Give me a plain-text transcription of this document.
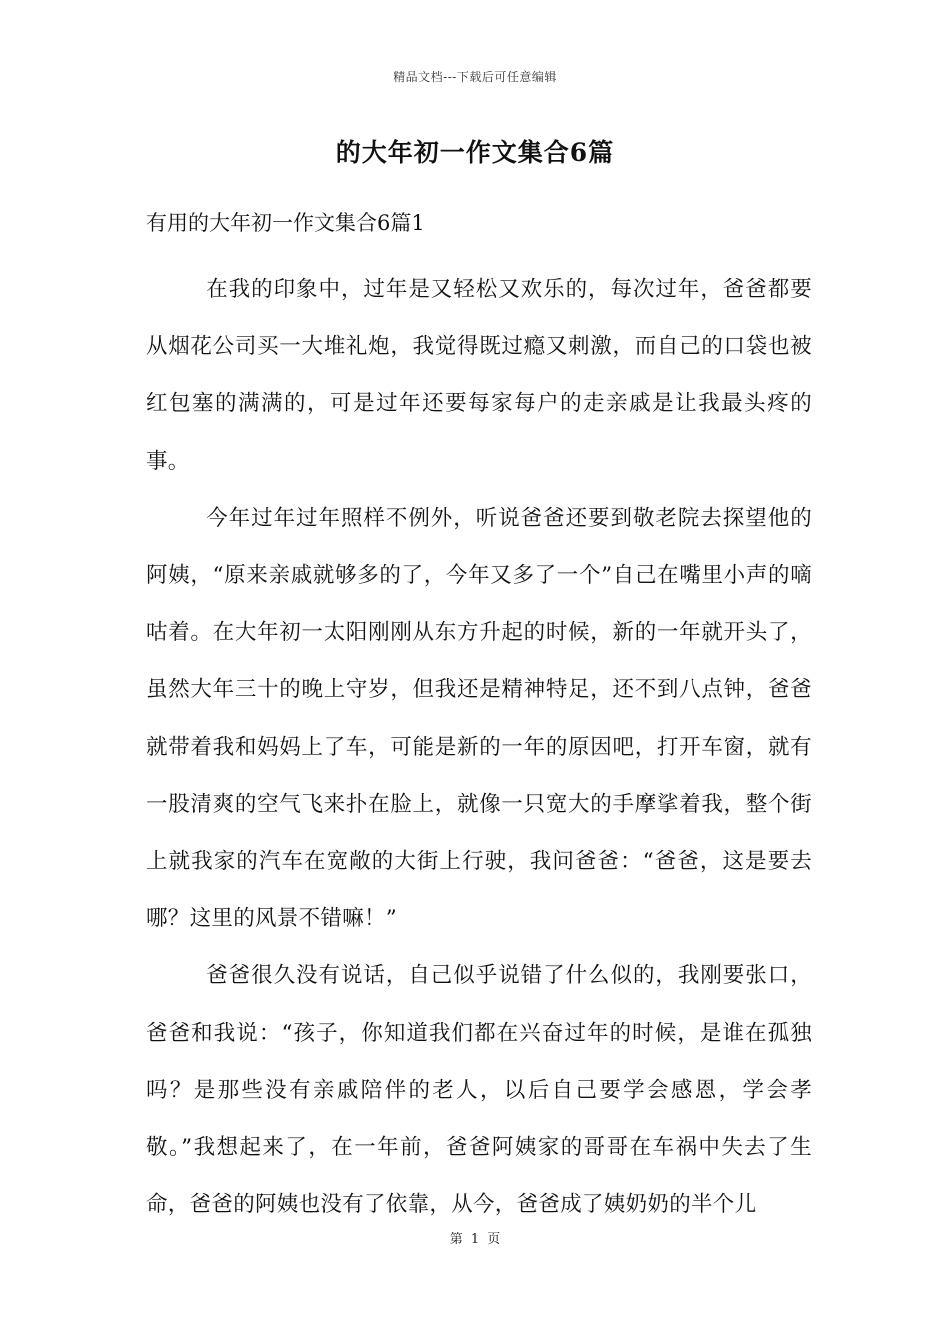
精品文档---下载后可任意编辑
的大年初一作文集合6篇
有用的大年初一作文集合6篇1

在我的印象中，过年是又轻松又欢乐的，每次过年，爸爸都要从烟花公司买一大堆礼炮，我觉得既过瘾又刺激，而自己的口袋也被红包塞的满满的，可是过年还要每家每户的走亲戚是让我最头疼的事。

今年过年过年照样不例外，听说爸爸还要到敬老院去探望他的阿姨，“原来亲戚就够多的了，今年又多了一个”自己在嘴里小声的嘀咕着。在大年初一太阳刚刚从东方升起的时候，新的一年就开头了，虽然大年三十的晚上守岁，但我还是精神特足，还不到八点钟，爸爸就带着我和妈妈上了车，可能是新的一年的原因吧，打开车窗，就有一股清爽的空气飞来扑在脸上，就像一只宽大的手摩挲着我，整个街上就我家的汽车在宽敞的大街上行驶，我问爸爸：“爸爸，这是要去哪？这里的风景不错嘛！”

爸爸很久没有说话，自己似乎说错了什么似的，我刚要张口，爸爸和我说：“孩子，你知道我们都在兴奋过年的时候，是谁在孤独吗？是那些没有亲戚陪伴的老人，以后自己要学会感恩，学会孝敬。”我想起来了，在一年前，爸爸阿姨家的哥哥在车祸中失去了生命，爸爸的阿姨也没有了依靠，从今，爸爸成了姨奶奶的半个儿

第 1 页
